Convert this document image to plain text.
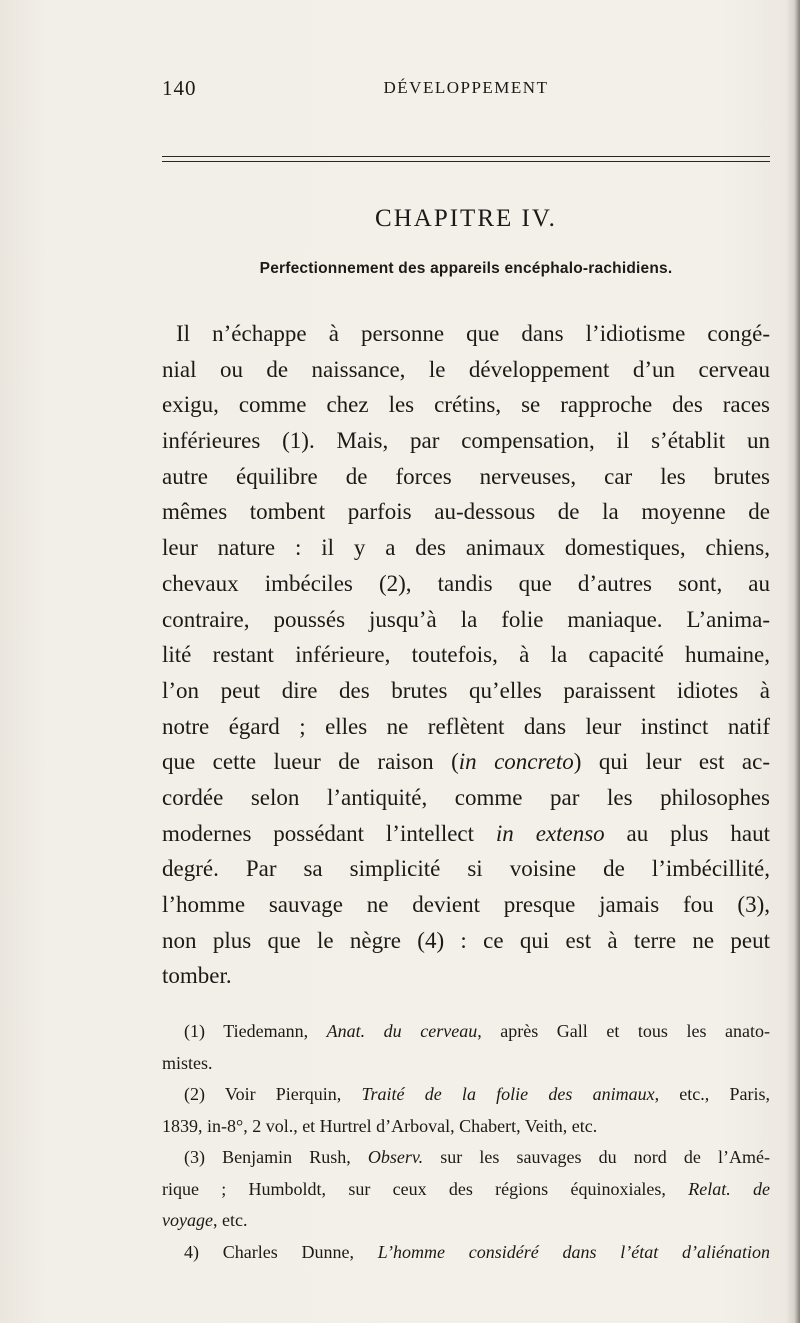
140	DÉVELOPPEMENT
CHAPITRE IV.
Perfectionnement des appareils encéphalo-rachidiens.
Il n’échappe à personne que dans l’idiotisme congé-
nial ou de naissance, le développement d’un cerveau
exigu, comme chez les crétins, se rapproche des races
inférieures (1). Mais, par compensation, il s’établit un
autre équilibre de forces nerveuses, car les brutes
mêmes tombent parfois au-dessous de la moyenne de
leur nature : il y a des animaux domestiques, chiens,
chevaux imbéciles (2), tandis que d’autres sont, au
contraire, poussés jusqu’à la folie maniaque. L’anima-
lité restant inférieure, toutefois, à la capacité humaine,
l’on peut dire des brutes qu’elles paraissent idiotes à
notre égard ; elles ne reflètent dans leur instinct natif
que cette lueur de raison (in concreto) qui leur est ac-
cordée selon l’antiquité, comme par les philosophes
modernes possédant l’intellect in extenso au plus haut
degré. Par sa simplicité si voisine de l’imbécillité,
l’homme sauvage ne devient presque jamais fou (3),
non plus que le nègre (4) : ce qui est à terre ne peut
tomber.
(1) Tiedemann, Anat. du cerveau, après Gall et tous les anato-
mistes.
(2) Voir Pierquin, Traité de la folie des animaux, etc., Paris,
1839, in-8°, 2 vol., et Hurtrel d’Arboval, Chabert, Veith, etc.
(3) Benjamin Rush, Observ. sur les sauvages du nord de l’Amé-
rique ; Humboldt, sur ceux des régions équinoxiales, Relat. de
voyage, etc.
4) Charles Dunne, L’homme considéré dans l’état d’aliénation
